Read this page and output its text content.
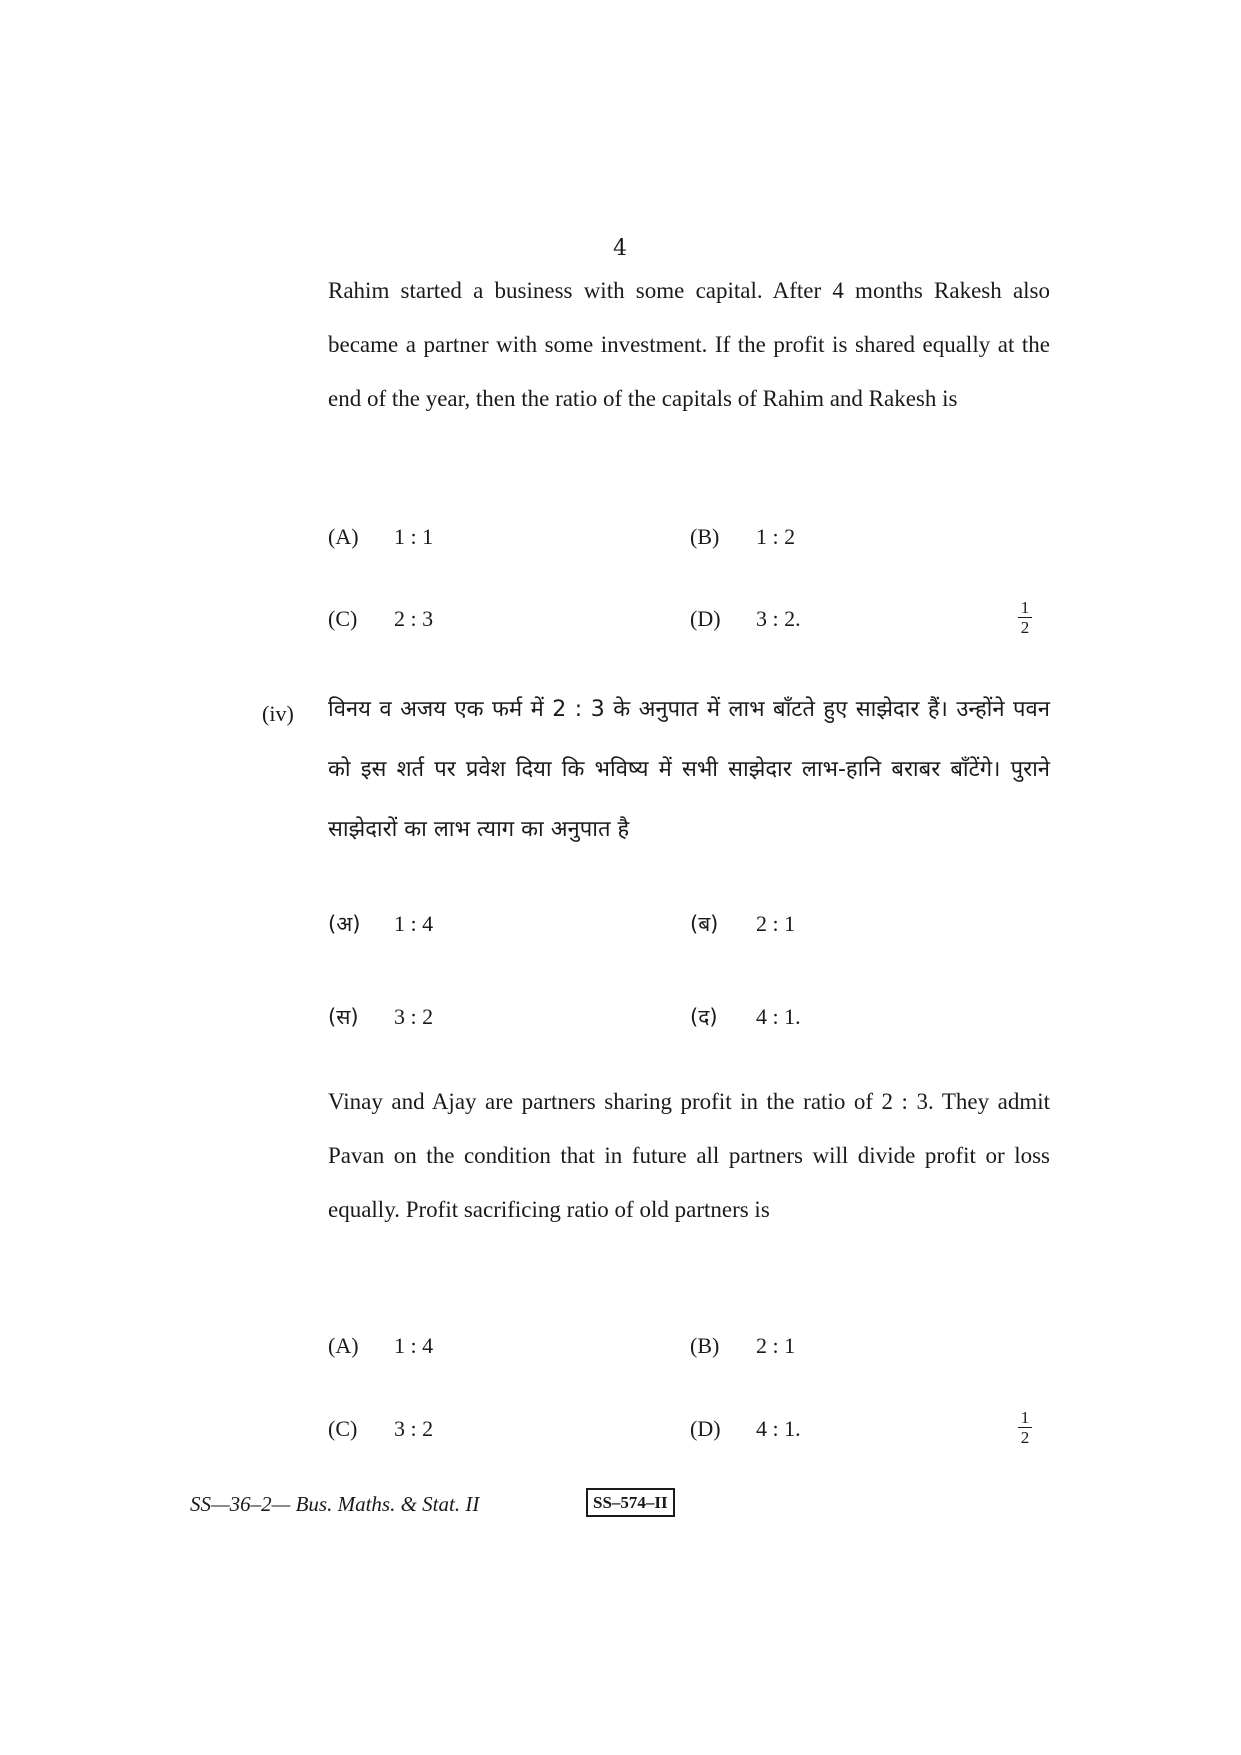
4
Rahim started a business with some capital. After 4 months Rakesh also became a partner with some investment. If the profit is shared equally at the end of the year, then the ratio of the capitals of Rahim and Rakesh is
(A) 1 : 1	(B) 1 : 2
(C) 2 : 3	(D) 3 : 2.	1
2
(iv) विनय व अजय एक फर्म में 2 : 3 के अनुपात में लाभ बाँटते हुए साझेदार हैं। उन्होंने पवन को इस शर्त पर प्रवेश दिया कि भविष्य में सभी साझेदार लाभ-हानि बराबर बाँटेंगे। पुराने साझेदारों का लाभ त्याग का अनुपात है
(अ) 1 : 4	(ब) 2 : 1
(स) 3 : 2	(द) 4 : 1.
Vinay and Ajay are partners sharing profit in the ratio of 2 : 3. They admit Pavan on the condition that in future all partners will divide profit or loss equally. Profit sacrificing ratio of old partners is
(A) 1 : 4	(B) 2 : 1
(C) 3 : 2	(D) 4 : 1.	1
2
SS—36–2— Bus. Maths. & Stat. II	SS–574–II
